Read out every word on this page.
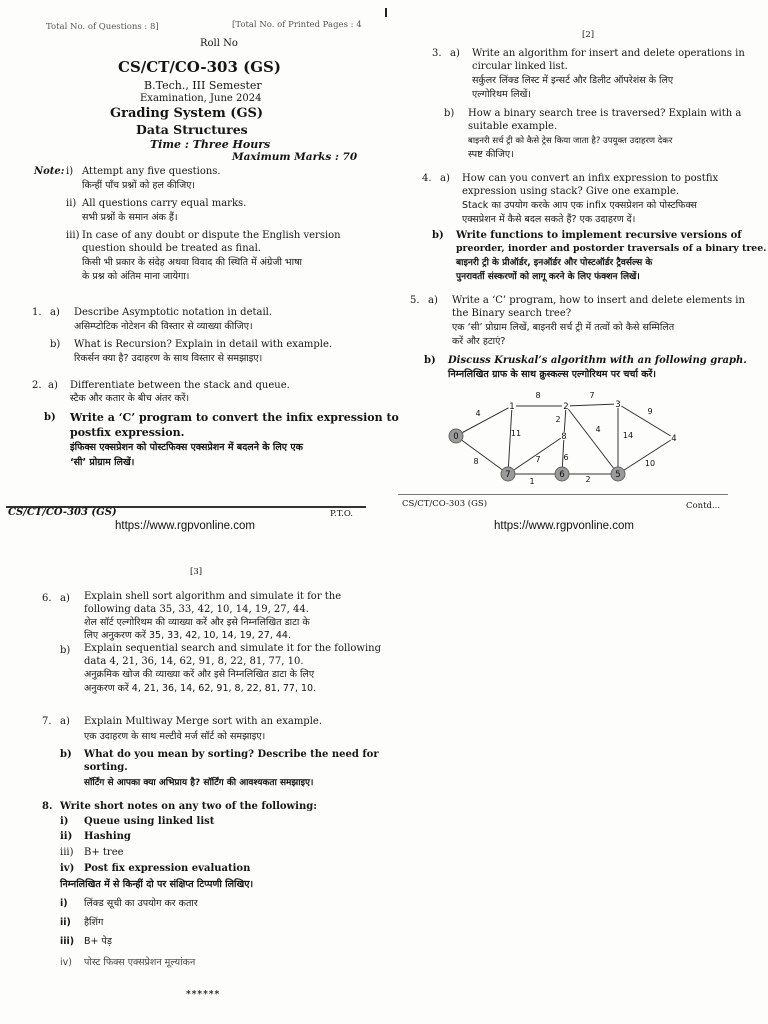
Total No. of Questions : 8]	[Total No. of Printed Pages : 4
Roll No
CS/CT/CO-303 (GS)
B.Tech., III Semester
Examination, June 2024
Grading System (GS)
Data Structures
Time : Three Hours
Maximum Marks : 70
Note: i) Attempt any five questions.
किन्हीं पाँच प्रश्नों को हल कीजिए।
ii) All questions carry equal marks.
सभी प्रश्नों के समान अंक हैं।
iii) In case of any doubt or dispute the English version
question should be treated as final.
किसी भी प्रकार के संदेह अथवा विवाद की स्थिति में अंग्रेजी भाषा
के प्रश्न को अंतिम माना जायेगा।
1. a) Describe Asymptotic notation in detail.
असिम्प्टोटिक नोटेशन की विस्तार से व्याख्या कीजिए।
b) What is Recursion? Explain in detail with example.
रिकर्सन क्या है? उदाहरण के साथ विस्तार से समझाइए।
2. a) Differentiate between the stack and queue.
स्टैक और कतार के बीच अंतर करें।
b) Write a ‘C’ program to convert the infix expression to
postfix expression.
इंफिक्स एक्सप्रेशन को पोस्टफिक्स एक्सप्रेशन में बदलने के लिए एक
‘सी’ प्रोग्राम लिखें।
CS/CT/CO-303 (GS)	P.T.O.
https://www.rgpvonline.com
[2]
3. a) Write an algorithm for insert and delete operations in
circular linked list.
सर्कुलर लिंक्ड लिस्ट में इन्सर्ट और डिलीट ऑपरेशंस के लिए
एल्गोरिथम लिखें।
b) How a binary search tree is traversed? Explain with a
suitable example.
बाइनरी सर्च ट्री को कैसे ट्रेस किया जाता है? उपयुक्त उदाहरण देकर
स्पष्ट कीजिए।
4. a) How can you convert an infix expression to postfix
expression using stack? Give one example.
Stack का उपयोग करके आप एक infix एक्सप्रेशन को पोस्टफिक्स
एक्सप्रेशन में कैसे बदल सकते हैं? एक उदाहरण दें।
b) Write functions to implement recursive versions of
preorder, inorder and postorder traversals of a binary tree.
बाइनरी ट्री के प्रीऑर्डर, इनऑर्डर और पोस्टऑर्डर ट्रैवर्सल्स के
पुनरावर्ती संस्करणों को लागू करने के लिए फंक्शन लिखें।
5. a) Write a ‘C’ program, how to insert and delete elements in
the Binary search tree?
एक ‘सी’ प्रोग्राम लिखें, बाइनरी सर्च ट्री में तत्वों को कैसे सम्मिलित
करें और हटाएं?
b) Discuss Kruskal’s algorithm with an following graph.
निम्नलिखित ग्राफ के साथ क्रुस्कल्स एल्गोरिथम पर चर्चा करें।
4
8
8
11
7
2
4
9
14
10
2
1
6
7
0
1	2	3
4
5
6
7
8
CS/CT/CO-303 (GS)	Contd...
https://www.rgpvonline.com
[3]
6. a) Explain shell sort algorithm and simulate it for the
following data 35, 33, 42, 10, 14, 19, 27, 44.
शेल सॉर्ट एल्गोरिथम की व्याख्या करें और इसे निम्नलिखित डाटा के
लिए अनुकरण करें 35, 33, 42, 10, 14, 19, 27, 44.
b) Explain sequential search and simulate it for the following
data 4, 21, 36, 14, 62, 91, 8, 22, 81, 77, 10.
अनुक्रमिक खोज की व्याख्या करें और इसे निम्नलिखित डाटा के लिए
अनुकरण करें 4, 21, 36, 14, 62, 91, 8, 22, 81, 77, 10.
7. a) Explain Multiway Merge sort with an example.
एक उदाहरण के साथ मल्टीवे मर्ज सॉर्ट को समझाइए।
b) What do you mean by sorting? Describe the need for
sorting.
सॉर्टिंग से आपका क्या अभिप्राय है? सॉर्टिंग की आवश्यकता समझाइए।
8. Write short notes on any two of the following:
i) Queue using linked list
ii) Hashing
iii) B+ tree
iv) Post fix expression evaluation
निम्नलिखित में से किन्हीं दो पर संक्षिप्त टिप्पणी लिखिए।
i) लिंक्ड सूची का उपयोग कर कतार
ii) हैशिंग
iii) B+ पेड़
iv) पोस्ट फिक्स एक्सप्रेशन मूल्यांकन
******
